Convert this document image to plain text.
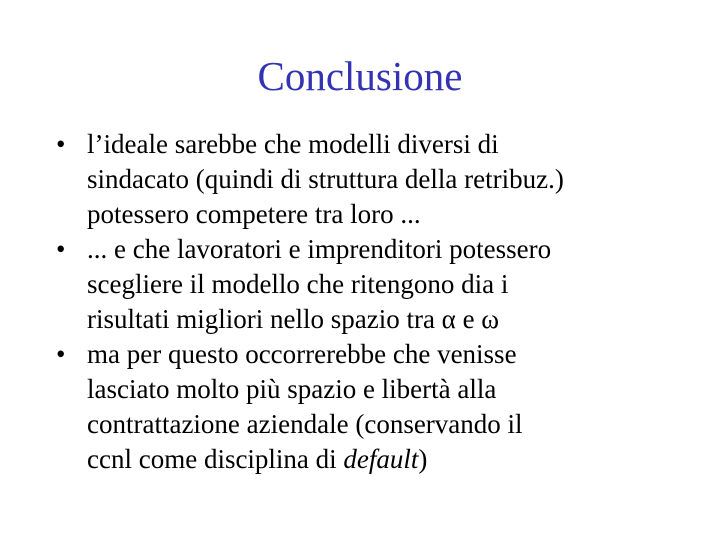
Conclusione
• l’ideale sarebbe che modelli diversi di
sindacato (quindi di struttura della retribuz.)
potessero competere tra loro ...
• ... e che lavoratori e imprenditori potessero
scegliere il modello che ritengono dia i
risultati migliori nello spazio tra α e ω
• ma per questo occorrerebbe che venisse
lasciato molto più spazio e libertà alla
contrattazione aziendale (conservando il
ccnl come disciplina di default)
